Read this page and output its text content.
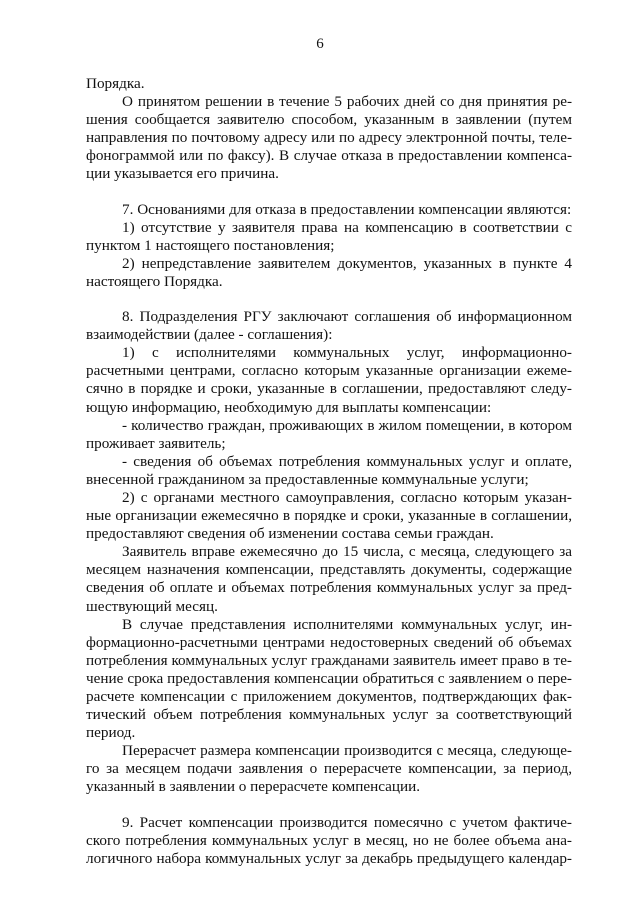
6
Порядка.
О принятом решении в течение 5 рабочих дней со дня принятия ре-
шения сообщается заявителю способом, указанным в заявлении (путем
направления по почтовому адресу или по адресу электронной почты, теле-
фонограммой или по факсу). В случае отказа в предоставлении компенса-
ции указывается его причина.
7. Основаниями для отказа в предоставлении компенсации являются:
1) отсутствие у заявителя права на компенсацию в соответствии с
пунктом 1 настоящего постановления;
2) непредставление заявителем документов, указанных в пункте 4
настоящего Порядка.
8. Подразделения РГУ заключают соглашения об информационном
взаимодействии (далее - соглашения):
1) с исполнителями коммунальных услуг, информационно-
расчетными центрами, согласно которым указанные организации ежеме-
сячно в порядке и сроки, указанные в соглашении, предоставляют следу-
ющую информацию, необходимую для выплаты компенсации:
- количество граждан, проживающих в жилом помещении, в котором
проживает заявитель;
- сведения об объемах потребления коммунальных услуг и оплате,
внесенной гражданином за предоставленные коммунальные услуги;
2) с органами местного самоуправления, согласно которым указан-
ные организации ежемесячно в порядке и сроки, указанные в соглашении,
предоставляют сведения об изменении состава семьи граждан.
Заявитель вправе ежемесячно до 15 числа, с месяца, следующего за
месяцем назначения компенсации, представлять документы, содержащие
сведения об оплате и объемах потребления коммунальных услуг за пред-
шествующий месяц.
В случае представления исполнителями коммунальных услуг, ин-
формационно-расчетными центрами недостоверных сведений об объемах
потребления коммунальных услуг гражданами заявитель имеет право в те-
чение срока предоставления компенсации обратиться с заявлением о пере-
расчете компенсации с приложением документов, подтверждающих фак-
тический объем потребления коммунальных услуг за соответствующий
период.
Перерасчет размера компенсации производится с месяца, следующе-
го за месяцем подачи заявления о перерасчете компенсации, за период,
указанный в заявлении о перерасчете компенсации.
9. Расчет компенсации производится помесячно с учетом фактиче-
ского потребления коммунальных услуг в месяц, но не более объема ана-
логичного набора коммунальных услуг за декабрь предыдущего календар-
